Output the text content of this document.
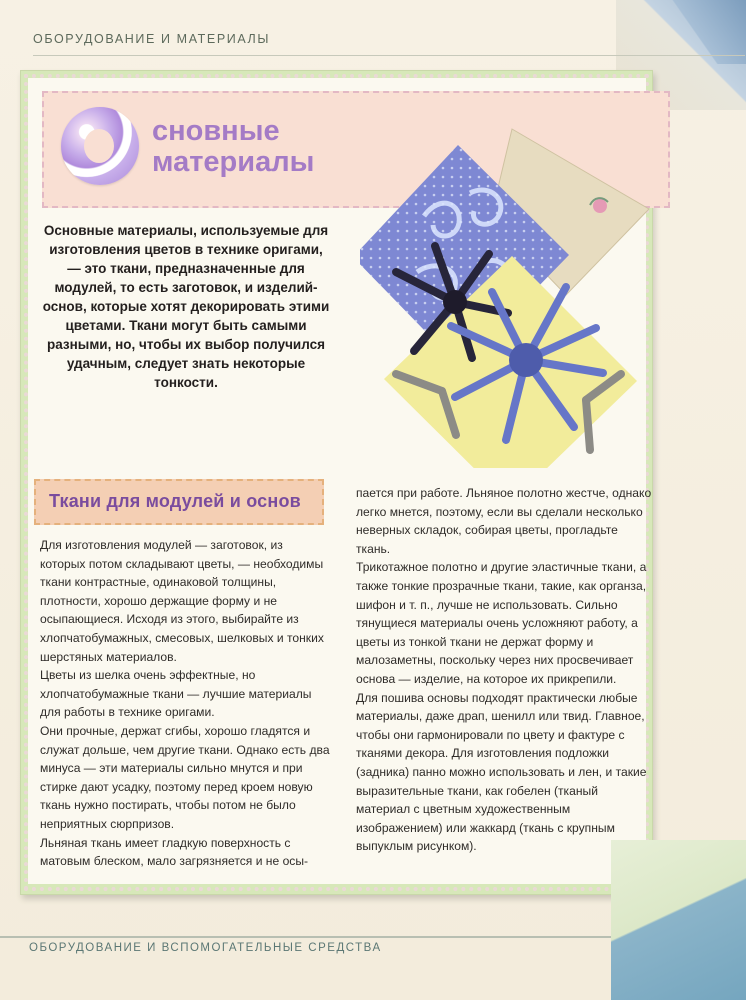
ОБОРУДОВАНИЕ И МАТЕРИАЛЫ
сновные
материалы
Основные материалы, используемые для изготовления цветов в технике оригами, — это ткани, предназначенные для модулей, то есть заготовок, и изделий-основ, которые хотят декорировать этими цветами. Ткани могут быть самыми разными, но, чтобы их выбор получился удачным, следует знать некоторые тонкости.
Ткани для модулей и основ

Для изготовления модулей — заготовок, из которых потом складывают цветы, — необходимы ткани контрастные, одинаковой толщины, плотности, хорошо держащие форму и не осыпающиеся. Исходя из этого, выбирайте из хлопчатобумажных, смесовых, шелковых и тонких шерстяных материалов.

Цветы из шелка очень эффектные, но хлопчатобумажные ткани — лучшие материалы для работы в технике оригами.

Они прочные, держат сгибы, хорошо гладятся и служат дольше, чем другие ткани. Однако есть два минуса — эти материалы сильно мнутся и при стирке дают усадку, поэтому перед кроем новую ткань нужно постирать, чтобы потом не было неприятных сюрпризов.

Льняная ткань имеет гладкую поверхность с матовым блеском, мало загрязняется и не осы-

пается при работе. Льняное полотно жестче, однако легко мнется, поэтому, если вы сделали несколько неверных складок, собирая цветы, прогладьте ткань.

Трикотажное полотно и другие эластичные ткани, а также тонкие прозрачные ткани, такие, как органза, шифон и т. п., лучше не использовать. Сильно тянущиеся материалы очень усложняют работу, а цветы из тонкой ткани не держат форму и малозаметны, поскольку через них просвечивает основа — изделие, на которое их прикрепили.

Для пошива основы подходят практически любые материалы, даже драп, шенилл или твид. Главное, чтобы они гармонировали по цвету и фактуре с тканями декора. Для изготовления подложки (задника) панно можно использовать и лен, и такие выразительные ткани, как гобелен (тканый материал с цветным художественным изображением) или жаккард (ткань с крупным выпуклым рисунком).

ОБОРУДОВАНИЕ И ВСПОМОГАТЕЛЬНЫЕ СРЕДСТВА
